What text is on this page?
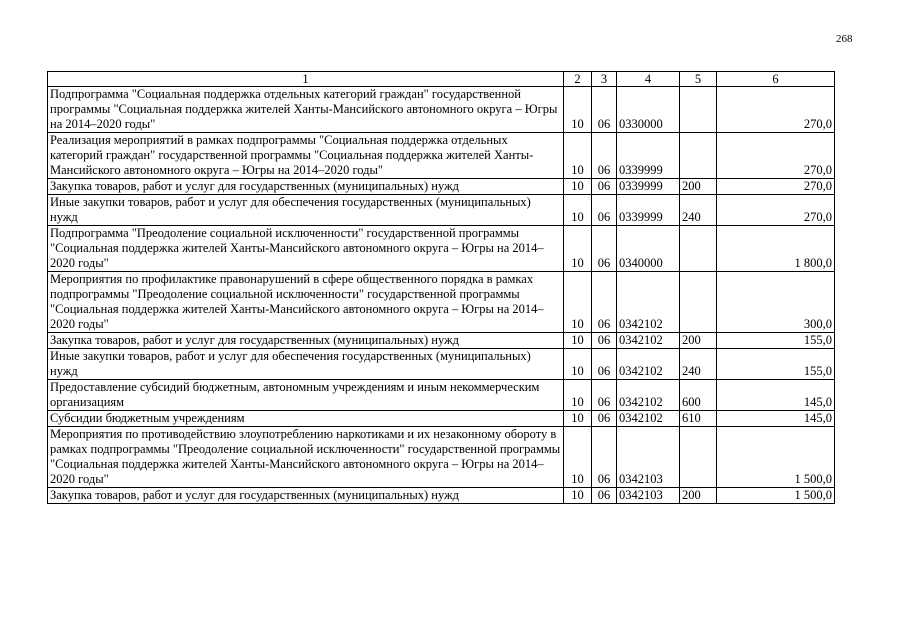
268
1	2	3	4	5	6
Подпрограмма "Социальная поддержка отдельных категорий граждан" государственной программы "Социальная поддержка жителей Ханты-Мансийского автономного округа – Югры на 2014–2020 годы"	10	06	0330000		270,0
Реализация мероприятий в рамках подпрограммы "Социальная поддержка отдельных категорий граждан" государственной программы "Социальная поддержка жителей Ханты-Мансийского автономного округа – Югры на 2014–2020 годы"	10	06	0339999		270,0
Закупка товаров, работ и услуг для государственных (муниципальных) нужд	10	06	0339999	200	270,0
Иные закупки товаров, работ и услуг для обеспечения государственных (муниципальных) нужд	10	06	0339999	240	270,0
Подпрограмма "Преодоление социальной исключенности" государственной программы "Социальная поддержка жителей Ханты-Мансийского автономного округа – Югры на 2014–2020 годы"	10	06	0340000		1 800,0
Мероприятия по профилактике правонарушений в сфере общественного порядка в рамках подпрограммы "Преодоление социальной исключенности" государственной программы "Социальная поддержка жителей Ханты-Мансийского автономного округа – Югры на 2014–2020 годы"	10	06	0342102		300,0
Закупка товаров, работ и услуг для государственных (муниципальных) нужд	10	06	0342102	200	155,0
Иные закупки товаров, работ и услуг для обеспечения государственных (муниципальных) нужд	10	06	0342102	240	155,0
Предоставление субсидий бюджетным, автономным учреждениям и иным некоммерческим организациям	10	06	0342102	600	145,0
Субсидии бюджетным учреждениям	10	06	0342102	610	145,0
Мероприятия по противодействию злоупотреблению наркотиками и их незаконному обороту в рамках подпрограммы "Преодоление социальной исключенности" государственной программы "Социальная поддержка жителей Ханты-Мансийского автономного округа – Югры на 2014–2020 годы"	10	06	0342103		1 500,0
Закупка товаров, работ и услуг для государственных (муниципальных) нужд	10	06	0342103	200	1 500,0
